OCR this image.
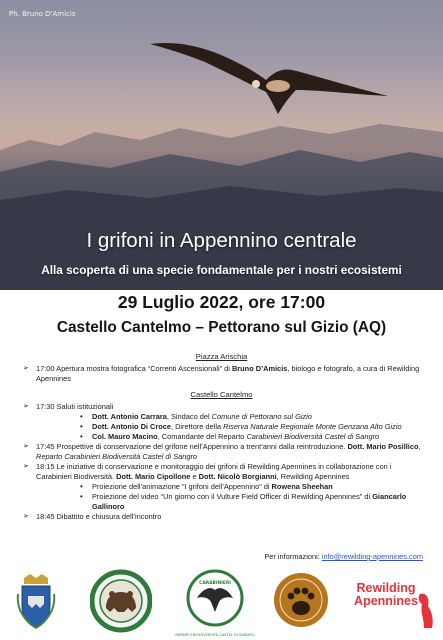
Ph. Bruno D'Amicis
I grifoni in Appennino centrale
Alla scoperta di una specie fondamentale per i nostri ecosistemi
29 Luglio 2022, ore 17:00
Castello Cantelmo – Pettorano sul Gizio (AQ)
Piazza Arischia
➢ 17:00 Apertura mostra fotografica “Correnti Ascensionali” di Bruno D’Amicis, biologo e fotografo, a cura di Rewilding Apennines
Castello Cantelmo
➢ 17:30 Saluti istituzionali
• Dott. Antonio Carrara, Sindaco del Comune di Pettorano sul Gizio
• Dott. Antonio Di Croce, Direttore della Riserva Naturale Regionale Monte Genzana Alto Gizio
• Col. Mauro Macino, Comandante del Reparto Carabinieri Biodiversità Castel di Sangro
➢ 17:45 Prospettive di conservazione del grifone nell’Appennino a trent’anni dalla reintroduzione. Dott. Mario Posillico, Reparto Carabinieri Biodiversità Castel di Sangro
➢ 18:15 Le iniziative di conservazione e monitoraggio dei grifoni di Rewilding Apennines in collaborazione con i Carabinieri Biodiversità. Dott. Mario Cipollone e Dott. Nicolò Borgianni, Rewilding Apennines
• Proiezione dell’animazione “I grifoni dell’Appennino” di Rowena Sheehan
• Proiezione del video “Un giorno con il Vulture Field Officer di Rewilding Apennines” di Giancarlo Gallinoro
➢ 18:45 Dibattito e chiusura dell’incontro
Per informazioni: info@rewilding-apennines.com
REPARTO BIODIVERSITÀ CASTEL DI SANGRO
CARABINIERI	Rewilding
Apennines
